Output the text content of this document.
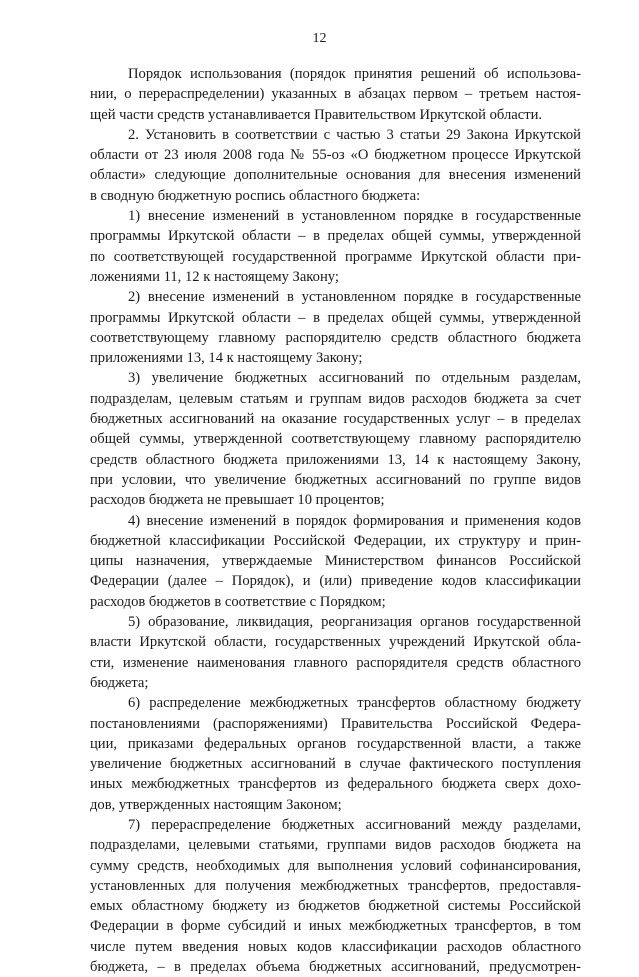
12
Порядок использования (порядок принятия решений об использова-
нии, о перераспределении) указанных в абзацах первом – третьем настоя-
щей части средств устанавливается Правительством Иркутской области.
2. Установить в соответствии с частью 3 статьи 29 Закона Иркутской
области от 23 июля 2008 года № 55-оз «О бюджетном процессе Иркутской
области» следующие дополнительные основания для внесения изменений
в сводную бюджетную роспись областного бюджета:
1) внесение изменений в установленном порядке в государственные
программы Иркутской области – в пределах общей суммы, утвержденной
по соответствующей государственной программе Иркутской области при-
ложениями 11, 12 к настоящему Закону;
2) внесение изменений в установленном порядке в государственные
программы Иркутской области – в пределах общей суммы, утвержденной
соответствующему главному распорядителю средств областного бюджета
приложениями 13, 14 к настоящему Закону;
3) увеличение бюджетных ассигнований по отдельным разделам,
подразделам, целевым статьям и группам видов расходов бюджета за счет
бюджетных ассигнований на оказание государственных услуг – в пределах
общей суммы, утвержденной соответствующему главному распорядителю
средств областного бюджета приложениями 13, 14 к настоящему Закону,
при условии, что увеличение бюджетных ассигнований по группе видов
расходов бюджета не превышает 10 процентов;
4) внесение изменений в порядок формирования и применения кодов
бюджетной классификации Российской Федерации, их структуру и прин-
ципы назначения, утверждаемые Министерством финансов Российской
Федерации (далее – Порядок), и (или) приведение кодов классификации
расходов бюджетов в соответствие с Порядком;
5) образование, ликвидация, реорганизация органов государственной
власти Иркутской области, государственных учреждений Иркутской обла-
сти, изменение наименования главного распорядителя средств областного
бюджета;
6) распределение межбюджетных трансфертов областному бюджету
постановлениями (распоряжениями) Правительства Российской Федера-
ции, приказами федеральных органов государственной власти, а также
увеличение бюджетных ассигнований в случае фактического поступления
иных межбюджетных трансфертов из федерального бюджета сверх дохо-
дов, утвержденных настоящим Законом;
7) перераспределение бюджетных ассигнований между разделами,
подразделами, целевыми статьями, группами видов расходов бюджета на
сумму средств, необходимых для выполнения условий софинансирования,
установленных для получения межбюджетных трансфертов, предоставля-
емых областному бюджету из бюджетов бюджетной системы Российской
Федерации в форме субсидий и иных межбюджетных трансфертов, в том
числе путем введения новых кодов классификации расходов областного
бюджета, – в пределах объема бюджетных ассигнований, предусмотрен-
